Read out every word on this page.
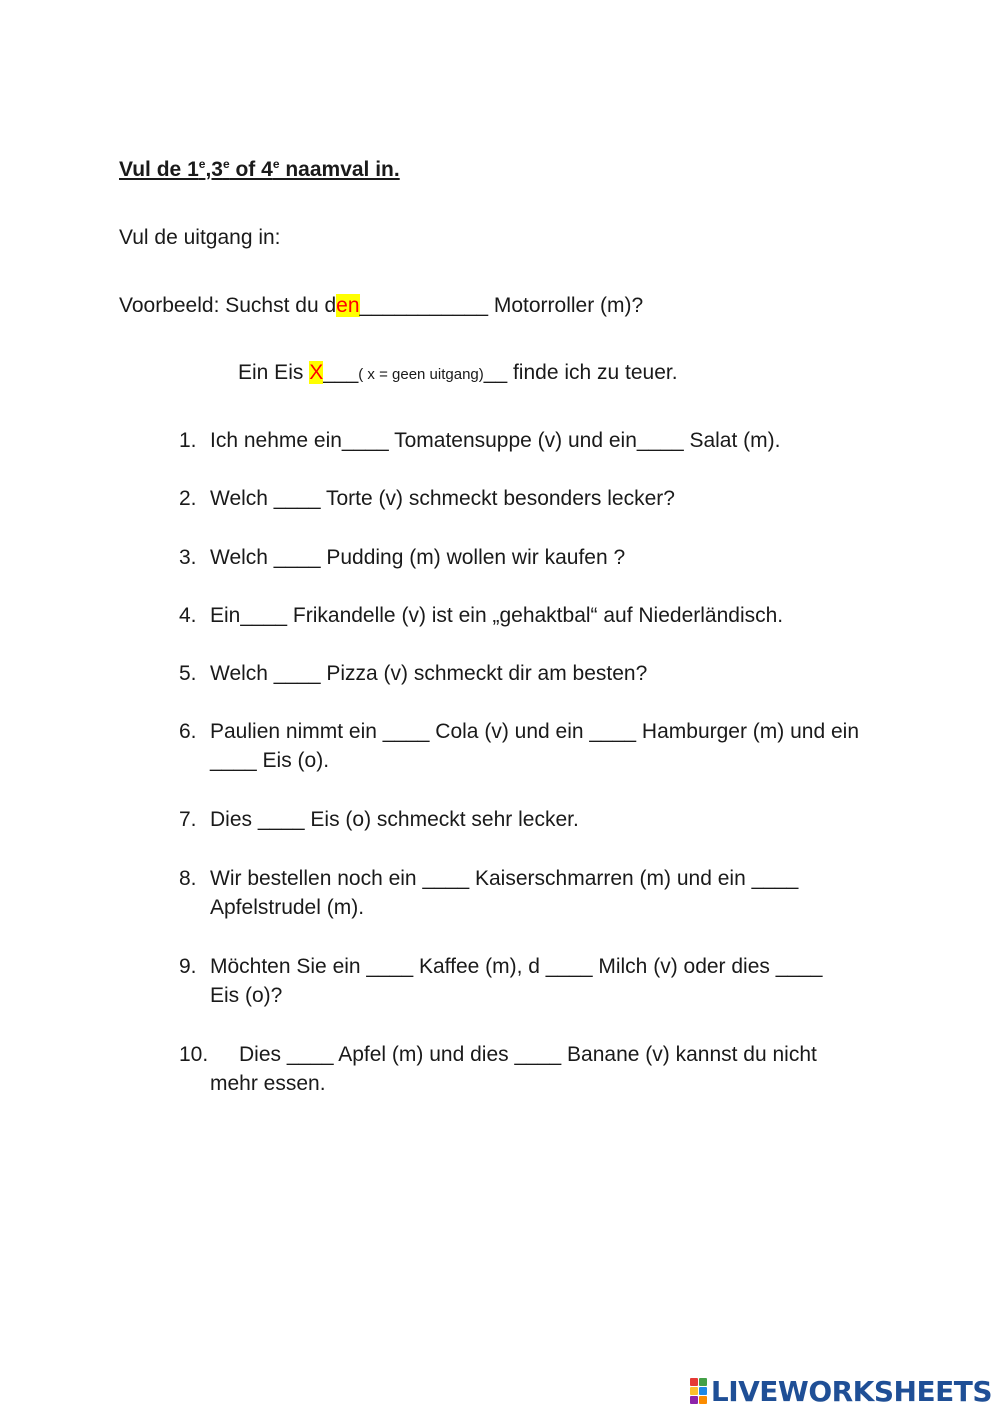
Vul de 1e,3e of 4e naamval in.
Vul de uitgang in:
Voorbeeld: Suchst du den___________ Motorroller (m)?
Ein Eis X___( x = geen uitgang)__ finde ich zu teuer.
1. Ich nehme ein____ Tomatensuppe (v) und ein____ Salat (m).
2. Welch ____ Torte (v) schmeckt besonders lecker?
3. Welch ____ Pudding (m) wollen wir kaufen ?
4. Ein____ Frikandelle (v) ist ein „gehaktbal“ auf Niederländisch.
5. Welch ____ Pizza (v) schmeckt dir am besten?
6. Paulien nimmt ein ____ Cola (v) und ein ____ Hamburger (m) und ein ____ Eis (o).
7. Dies ____ Eis (o) schmeckt sehr lecker.
8. Wir bestellen noch ein ____ Kaiserschmarren (m) und ein ____ Apfelstrudel (m).
9. Möchten Sie ein ____ Kaffee (m), d ____ Milch (v) oder dies ____ Eis (o)?
10.	Dies ____ Apfel (m) und dies ____ Banane (v) kannst du nicht mehr essen.
LIVEWORKSHEETS
